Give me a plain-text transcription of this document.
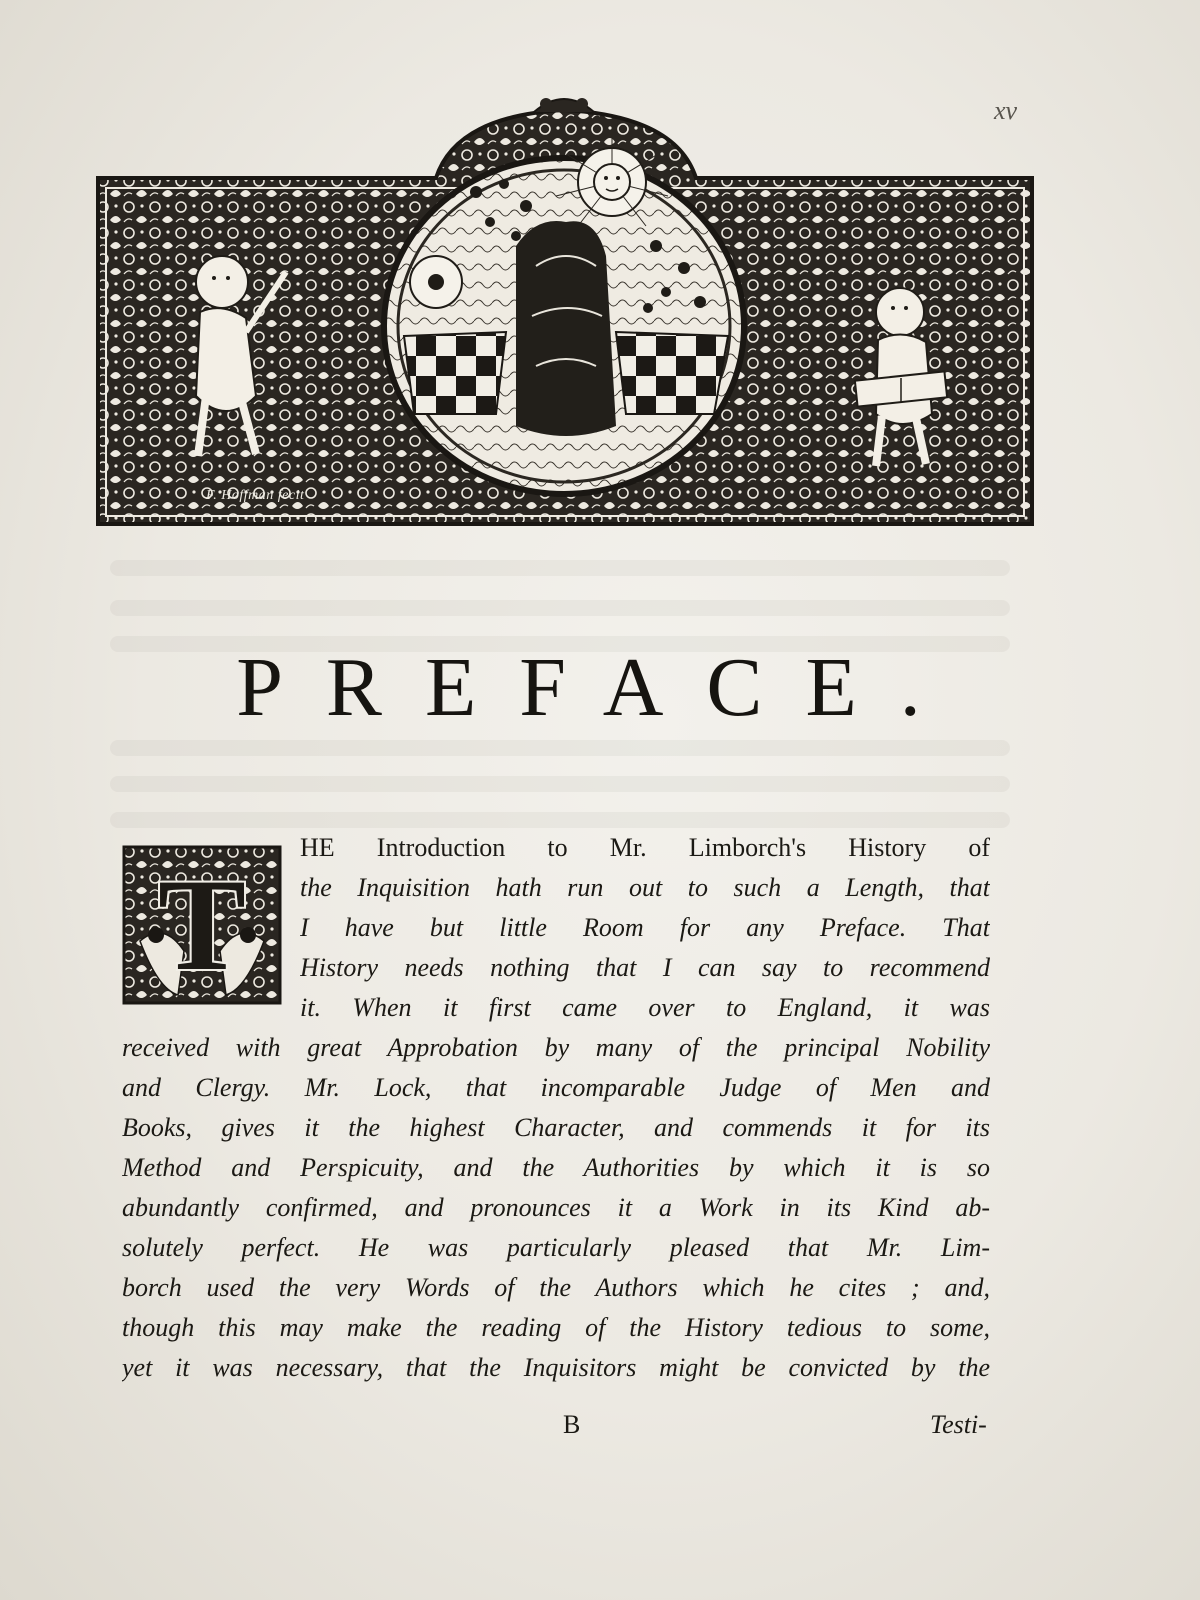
xv
F. Hoffman fecit
PREFACE.
T
HE Introduction to Mr. Limborch's History of
the Inquisition hath run out to such a Length, that
I have but little Room for any Preface. That
History needs nothing that I can say to recommend
it. When it first came over to England, it was
received with great Approbation by many of the principal Nobility
and Clergy. Mr. Lock, that incomparable Judge of Men and
Books, gives it the highest Character, and commends it for its
Method and Perspicuity, and the Authorities by which it is so
abundantly confirmed, and pronounces it a Work in its Kind ab-
solutely perfect. He was particularly pleased that Mr. Lim-
borch used the very Words of the Authors which he cites ; and,
though this may make the reading of the History tedious to some,
yet it was necessary, that the Inquisitors might be convicted by the
B	Testi-
